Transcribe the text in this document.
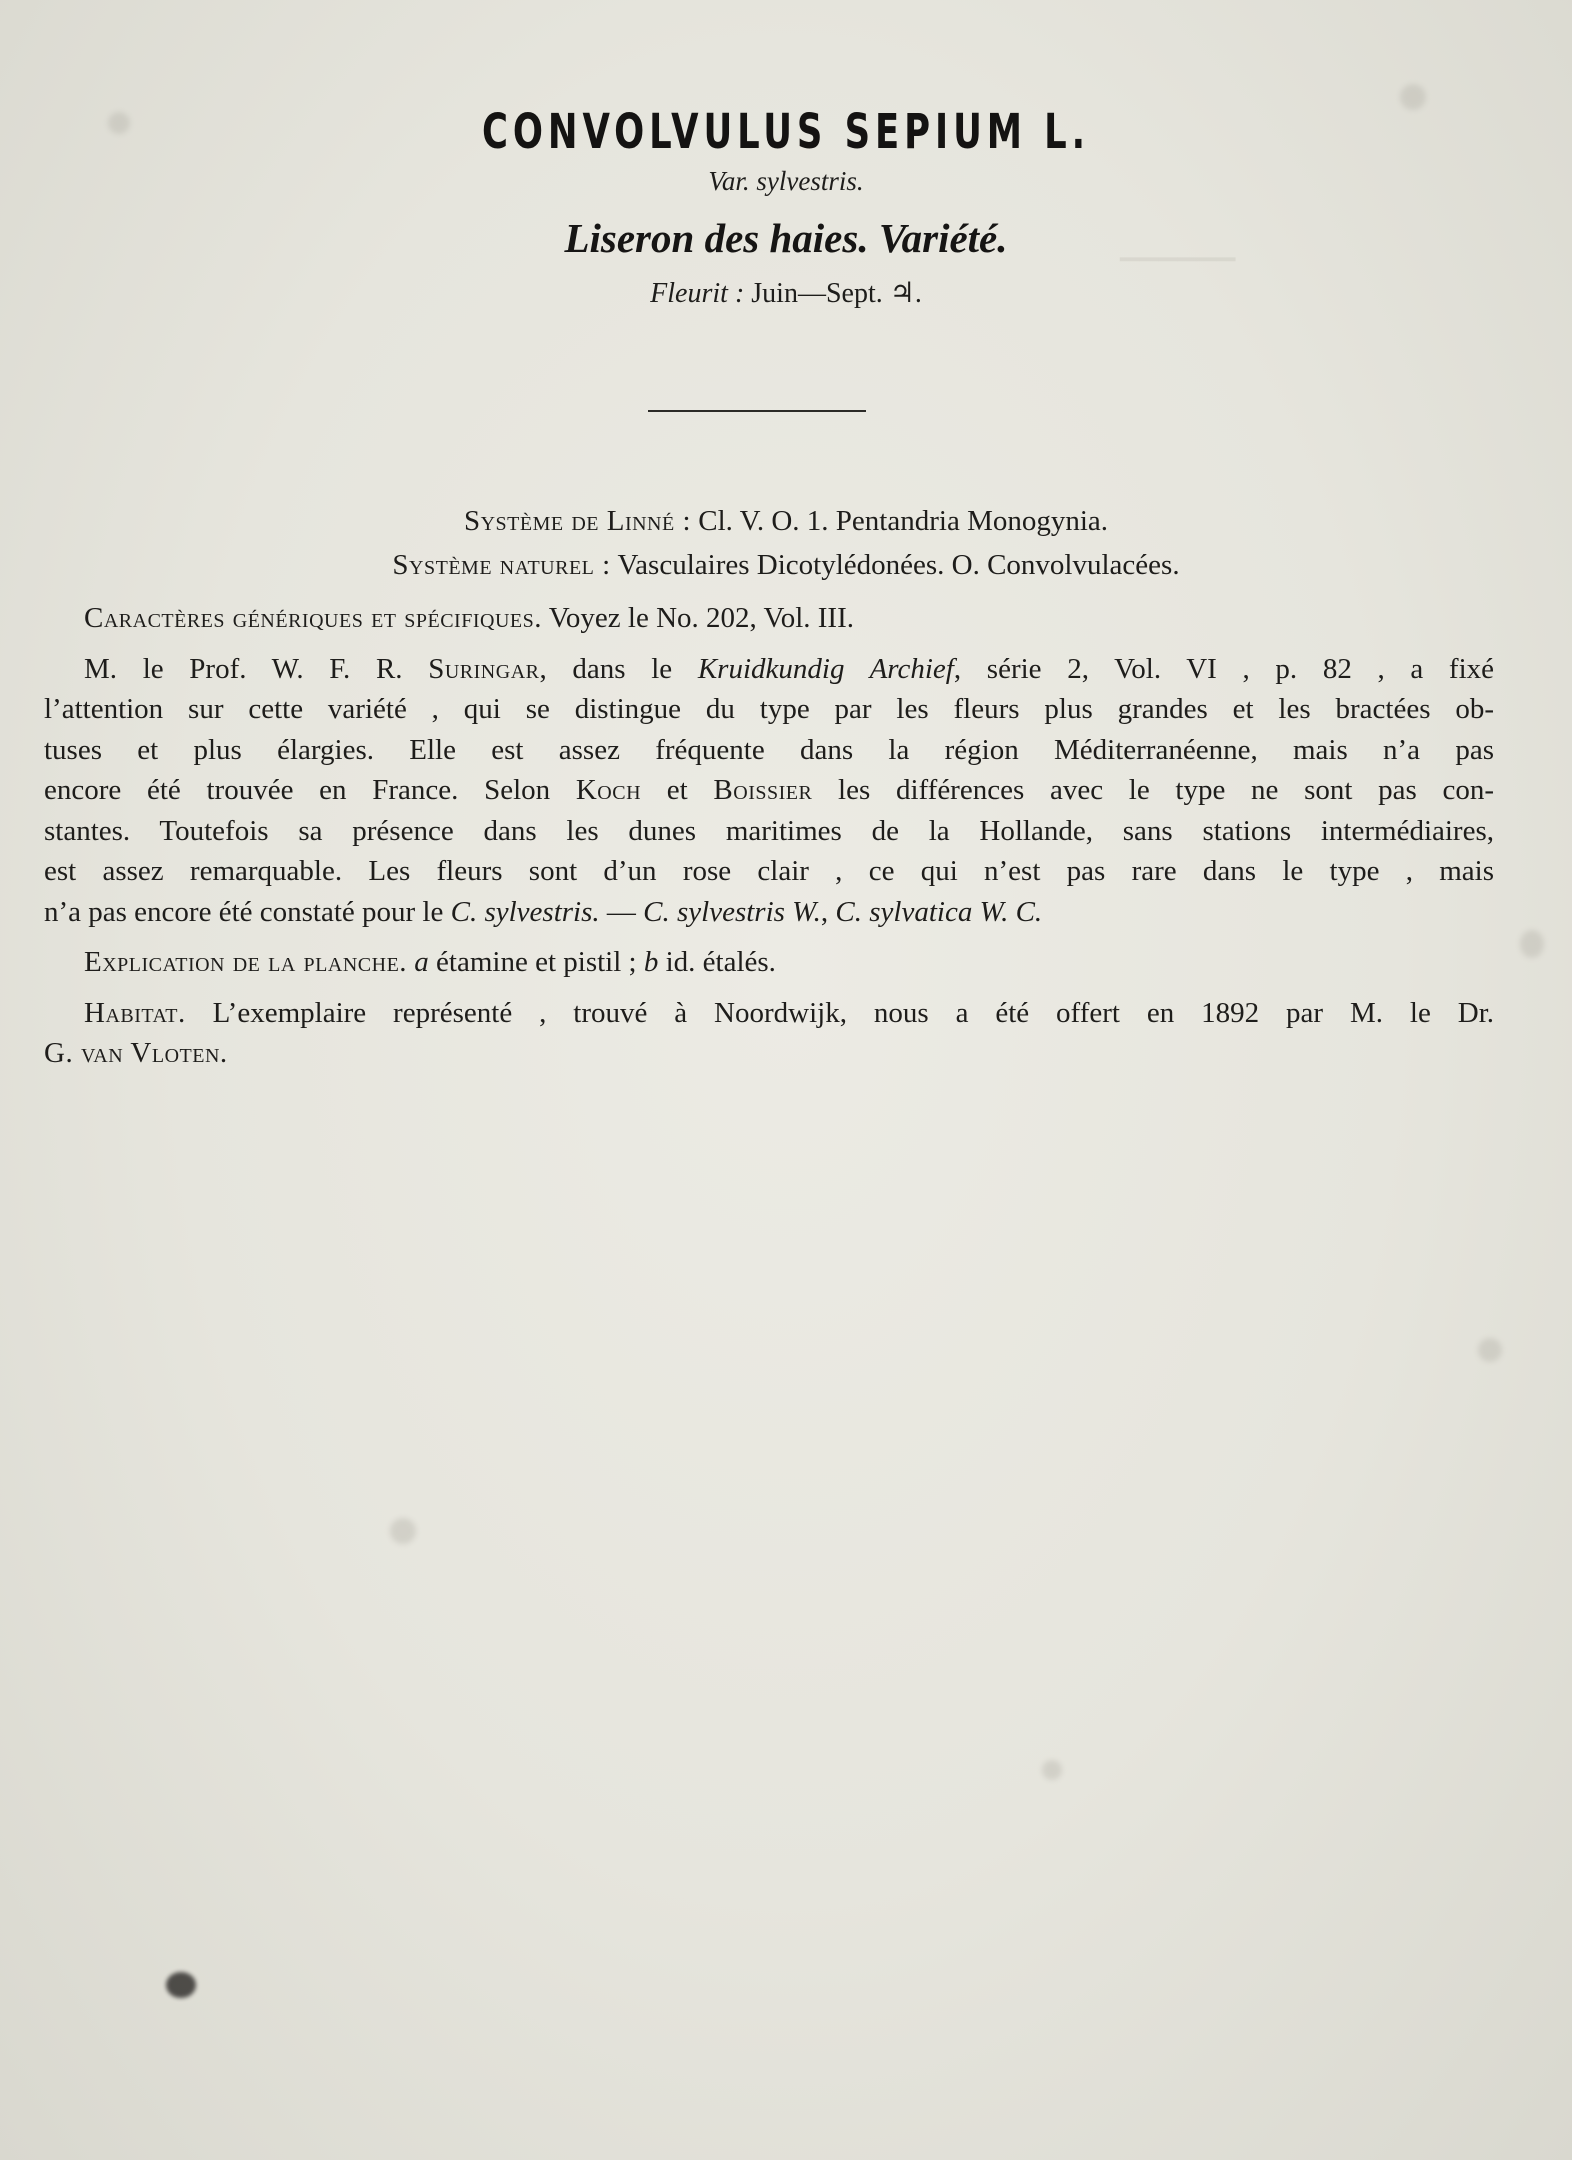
▁▁▁▁▁▁
CONVOLVULUS SEPIUM L.
Var. sylvestris.
Liseron des haies. Variété.
Fleurit : Juin—Sept. ♃.
Système de Linné : Cl. V. O. 1. Pentandria Monogynia.
Système naturel : Vasculaires Dicotylédonées. O. Convolvulacées.

Caractères génériques et spécifiques. Voyez le No. 202, Vol. III.

M. le Prof. W. F. R. Suringar, dans le Kruidkundig Archief, série 2, Vol. VI , p. 82 , a fixé
l’attention sur cette variété , qui se distingue du type par les fleurs plus grandes et les bractées ob-
tuses et plus élargies. Elle est assez fréquente dans la région Méditerranéenne, mais n’a pas
encore été trouvée en France. Selon Koch et Boissier les différences avec le type ne sont pas con-
stantes. Toutefois sa présence dans les dunes maritimes de la Hollande, sans stations intermédiaires,
est assez remarquable. Les fleurs sont d’un rose clair , ce qui n’est pas rare dans le type , mais
n’a pas encore été constaté pour le C. sylvestris. — C. sylvestris W., C. sylvatica W. C.

Explication de la planche. a étamine et pistil ; b id. étalés.

Habitat. L’exemplaire représenté , trouvé à Noordwijk, nous a été offert en 1892 par M. le Dr.
G. van Vloten.
